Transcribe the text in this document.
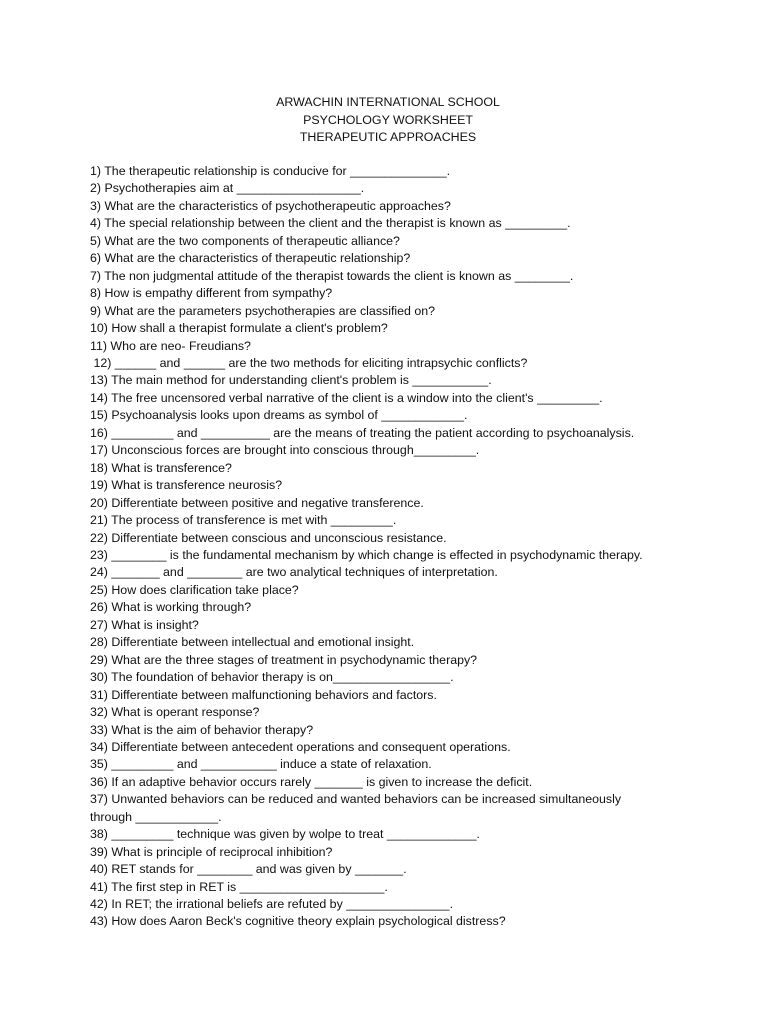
ARWACHIN INTERNATIONAL SCHOOL
PSYCHOLOGY WORKSHEET
THERAPEUTIC APPROACHES
1) The therapeutic relationship is conducive for ______________.
2) Psychotherapies aim at __________________.
3) What are the characteristics of psychotherapeutic approaches?
4) The special relationship between the client and the therapist is known as _________.
5) What are the two components of therapeutic alliance?
6) What are the characteristics of therapeutic relationship?
7) The non judgmental attitude of the therapist towards the client is known as ________.
8) How is empathy different from sympathy?
9) What are the parameters psychotherapies are classified on?
10) How shall a therapist formulate a client's problem?
11) Who are neo- Freudians?
12) ______ and ______ are the two methods for eliciting intrapsychic conflicts?
13) The main method for understanding client's problem is ___________.
14) The free uncensored verbal narrative of the client is a window into the client's _________.
15) Psychoanalysis looks upon dreams as symbol of ____________.
16) _________ and __________ are the means of treating the patient according to psychoanalysis.
17) Unconscious forces are brought into conscious through_________.
18) What is transference?
19) What is transference neurosis?
20) Differentiate between positive and negative transference.
21) The process of transference is met with _________.
22) Differentiate between conscious and unconscious resistance.
23) ________ is the fundamental mechanism by which change is effected in psychodynamic therapy.
24) _______ and ________ are two analytical techniques of interpretation.
25) How does clarification take place?
26) What is working through?
27) What is insight?
28) Differentiate between intellectual and emotional insight.
29) What are the three stages of treatment in psychodynamic therapy?
30) The foundation of behavior therapy is on_________________.
31) Differentiate between malfunctioning behaviors and factors.
32) What is operant response?
33) What is the aim of behavior therapy?
34) Differentiate between antecedent operations and consequent operations.
35) _________ and ___________ induce a state of relaxation.
36) If an adaptive behavior occurs rarely _______ is given to increase the deficit.
37) Unwanted behaviors can be reduced and wanted behaviors can be increased simultaneously through ____________.
38) _________ technique was given by wolpe to treat _____________.
39) What is principle of reciprocal inhibition?
40) RET stands for ________ and was given by _______.
41) The first step in RET is _____________________.
42) In RET; the irrational beliefs are refuted by _______________.
43) How does Aaron Beck's cognitive theory explain psychological distress?
